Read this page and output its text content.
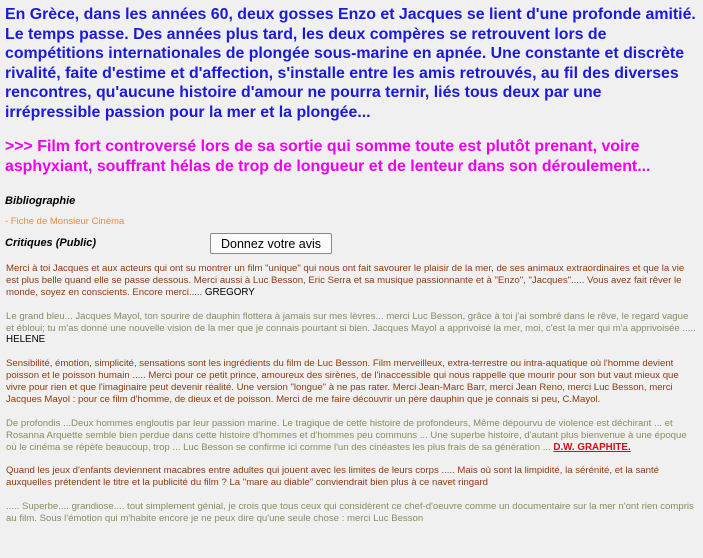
En Grèce, dans les années 60, deux gosses Enzo et Jacques se lient d'une profonde amitié. Le temps passe. Des années plus tard, les deux compères se retrouvent lors de compétitions internationales de plongée sous-marine en apnée. Une constante et discrète rivalité, faite d'estime et d'affection, s'installe entre les amis retrouvés, au fil des diverses rencontres, qu'aucune histoire d'amour ne pourra ternir, liés tous deux par une irrépressible passion pour la mer et la plongée...

>>> Film fort controversé lors de sa sortie qui somme toute est plutôt prenant, voire asphyxiant, souffrant hélas de trop de longueur et de lenteur dans son déroulement...

Bibliographie
- Fiche de Monsieur Cinéma
Critiques (Public)	Donnez votre avis
Merci à toi Jacques et aux acteurs qui ont su montrer un film "unique" qui nous ont fait savourer le plaisir de la mer, de ses animaux extraordinaires et que la vie est plus belle quand elle se passe dessous. Merci aussi à Luc Besson, Eric Serra et sa musique passionnante et à "Enzo", "Jacques"..... Vous avez fait rêver le monde, soyez en conscients. Encore merci..... GREGORY
Le grand bleu... Jacques Mayol, ton sourire de dauphin flottera à jamais sur mes lèvres... merci Luc Besson, grâce à toi j'ai sombré dans le rêve, le regard vague et ébloui; tu m'as donné une nouvelle vision de la mer que je connais pourtant si bien. Jacques Mayol a apprivoisé la mer, moi, c'est la mer qui m'a apprivoisée ..... HELENE
Sensibilité, émotion, simplicité, sensations sont les ingrédients du film de Luc Besson. Film merveilleux, extra-terrestre ou intra-aquatique où l'homme devient poisson et le poisson humain ..... Merci pour ce petit prince, amoureux des sirènes, de l'inaccessible qui nous rappelle que mourir pour son but vaut mieux que vivre pour rien et que l'imaginaire peut devenir réalité. Une version "longue" à ne pas rater. Merci Jean-Marc Barr, merci Jean Reno, merci Luc Besson, merci Jacques Mayol : pour ce film d'homme, de dieux et de poisson. Merci de me faire découvrir un père dauphin que je connais si peu, C.Mayol.
De profondis ...Deux hommes engloutis par leur passion marine. Le tragique de cette histoire de profondeurs, Même dépourvu de violence est déchirant ... et Rosanna Arquette semble bien perdue dans cette histoire d'hommes et d'hommes peu communs ... Une superbe histoire, d'autant plus bienvenue à une époque où le cinéma se répète beaucoup, trop ... Luc Besson se confirme ici comme l'un des cinéastes les plus frais de sa génération ... D.W. GRAPHITE.
Quand les jeux d'enfants deviennent macabres entre adultes qui jouent avec les limites de leurs corps ..... Mais où sont la limpidité, la sérénité, et la santé auxquelles prétendent le titre et la publicité du film ? La "mare au diable" conviendrait bien plus à ce navet ringard
..... Superbe.... grandiose.... tout simplement génial, je crois que tous ceux qui considèrent ce chef-d'oeuvre comme un documentaire sur la mer n'ont rien compris au film. Sous l'émotion qui m'habite encore je ne peux dire qu'une seule chose : merci Luc Besson
